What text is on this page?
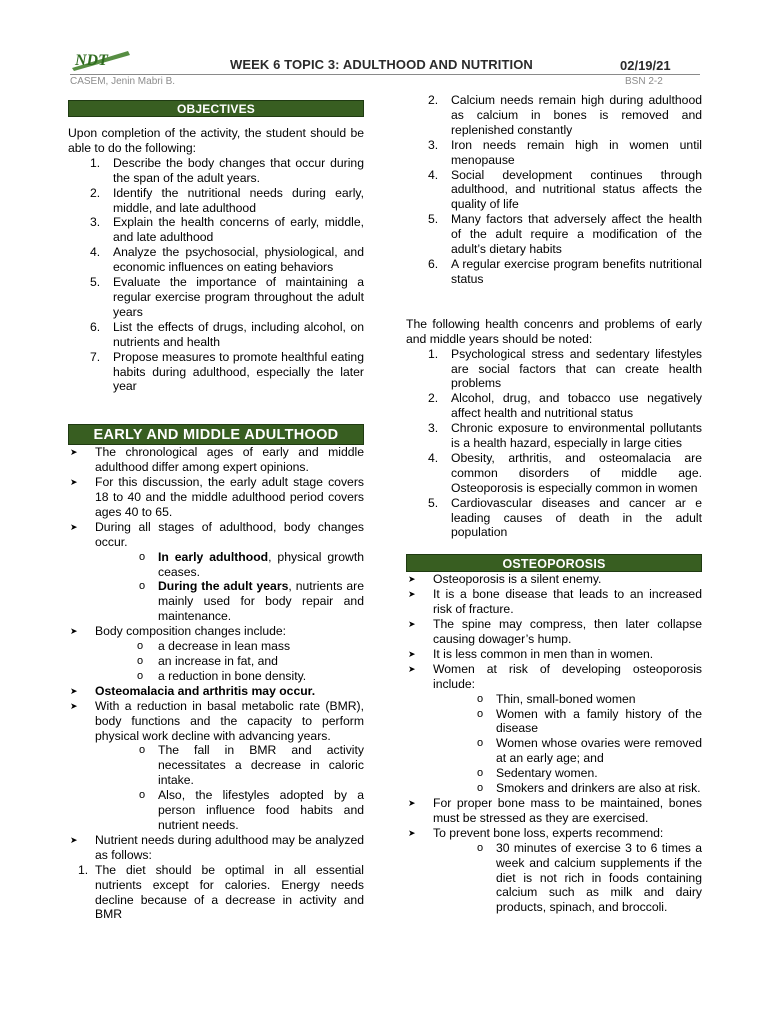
NDT	WEEK 6 TOPIC 3: ADULTHOOD AND NUTRITION	02/19/21
CASEM, Jenin Mabri B.	BSN 2-2
OBJECTIVES

Upon completion of the activity, the student should be able to do the following:

1. Describe the body changes that occur during the span of the adult years.
2. Identify the nutritional needs during early, middle, and late adulthood
3. Explain the health concerns of early, middle, and late adulthood
4. Analyze the psychosocial, physiological, and economic influences on eating behaviors
5. Evaluate the importance of maintaining a regular exercise program throughout the adult years
6. List the effects of drugs, including alcohol, on nutrients and health
7. Propose measures to promote healthful eating habits during adulthood, especially the later year
EARLY AND MIDDLE ADULTHOOD
➤ The chronological ages of early and middle adulthood differ among expert opinions.
➤ For this discussion, the early adult stage covers 18 to 40 and the middle adulthood period covers ages 40 to 65.
➤ During all stages of adulthood, body changes occur.
o In early adulthood, physical growth ceases.
o During the adult years, nutrients are mainly used for body repair and maintenance.
➤ Body composition changes include:
o a decrease in lean mass
o an increase in fat, and
o a reduction in bone density.
➤ Osteomalacia and arthritis may occur.
➤ With a reduction in basal metabolic rate (BMR), body functions and the capacity to perform physical work decline with advancing years.
o The fall in BMR and activity necessitates a decrease in caloric intake.
o Also, the lifestyles adopted by a person influence food habits and nutrient needs.
➤ Nutrient needs during adulthood may be analyzed as follows:
1. The diet should be optimal in all essential nutrients except for calories. Energy needs decline because of a decrease in activity and BMR
2. Calcium needs remain high during adulthood as calcium in bones is removed and replenished constantly
3. Iron needs remain high in women until menopause
4. Social development continues through adulthood, and nutritional status affects the quality of life
5. Many factors that adversely affect the health of the adult require a modification of the adult’s dietary habits
6. A regular exercise program benefits nutritional status

The following health concenrs and problems of early and middle years should be noted:

1. Psychological stress and sedentary lifestyles are social factors that can create health problems
2. Alcohol, drug, and tobacco use negatively affect health and nutritional status
3. Chronic exposure to environmental pollutants is a health hazard, especially in large cities
4. Obesity, arthritis, and osteomalacia are common disorders of middle age. Osteoporosis is especially common in women
5. Cardiovascular diseases and cancer ar e leading causes of death in the adult population
OSTEOPOROSIS
➤ Osteoporosis is a silent enemy.
➤ It is a bone disease that leads to an increased risk of fracture.
➤ The spine may compress, then later collapse causing dowager’s hump.
➤ It is less common in men than in women.
➤ Women at risk of developing osteoporosis include:
o Thin, small-boned women
o Women with a family history of the disease
o Women whose ovaries were removed at an early age; and
o Sedentary women.
o Smokers and drinkers are also at risk.
➤ For proper bone mass to be maintained, bones must be stressed as they are exercised.
➤ To prevent bone loss, experts recommend:
o 30 minutes of exercise 3 to 6 times a week and calcium supplements if the diet is not rich in foods containing calcium such as milk and dairy products, spinach, and broccoli.
